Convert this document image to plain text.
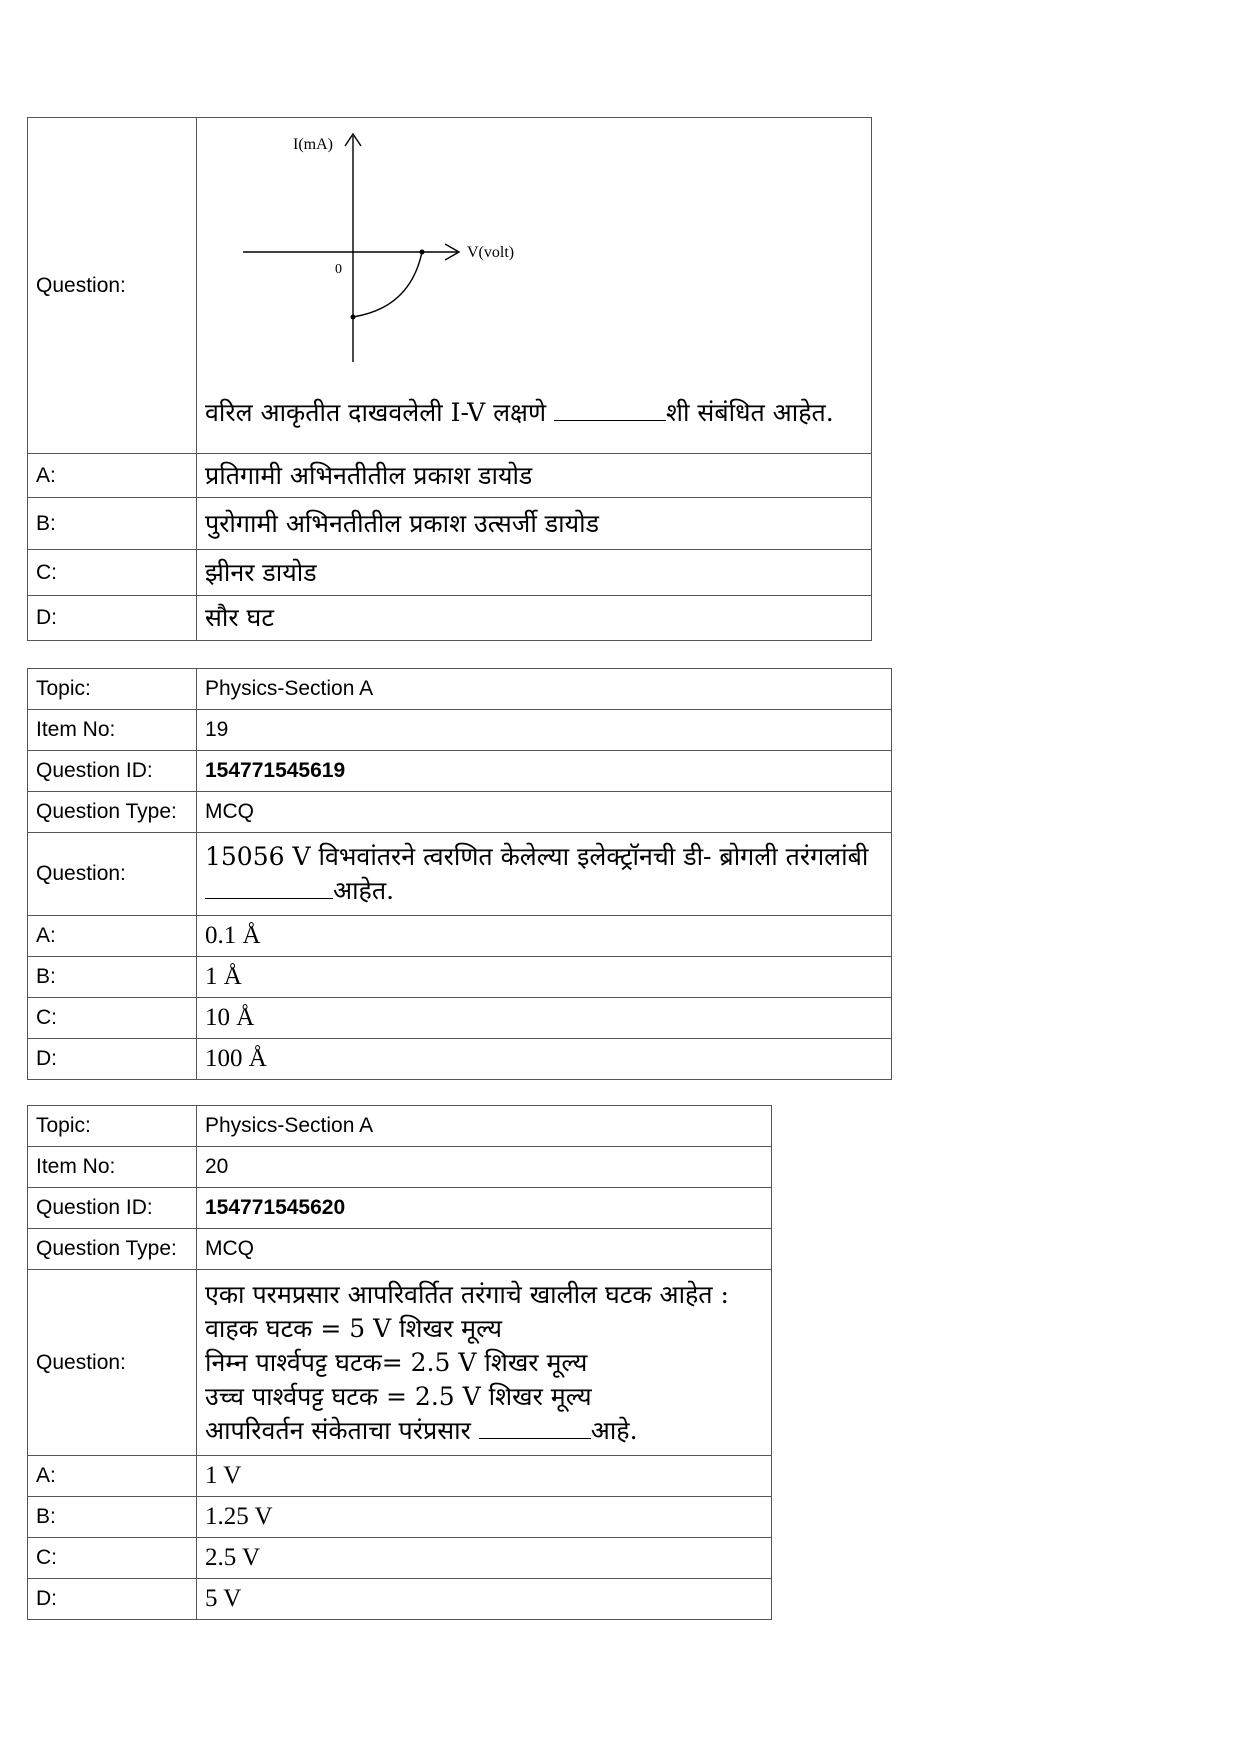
Question:	I(mA)
V(volt)
0
वरिल आकृतीत दाखवलेली I-V लक्षणे शी संबंधित आहेत.

A:	प्रतिगामी अभिनतीतील प्रकाश डायोड
B:	पुरोगामी अभिनतीतील प्रकाश उत्सर्जी डायोड
C:	झीनर डायोड
D:	सौर घट
Topic:	Physics-Section A
Item No:	19
Question ID:	154771545619
Question Type:	MCQ
Question:	15056 V विभवांतरने त्वरणित केलेल्या इलेक्ट्रॉनची डी- ब्रोगली तरंगलांबी
आहेत.

A:	0.1 Å
B:	1 Å
C:	10 Å
D:	100 Å
Topic:	Physics-Section A
Item No:	20
Question ID:	154771545620
Question Type:	MCQ
Question:	एका परमप्रसार आपरिवर्तित तरंगाचे खालील घटक आहेत :
वाहक घटक = 5 V शिखर मूल्य
निम्न पार्श्वपट्ट घटक= 2.5 V शिखर मूल्य
उच्च पार्श्वपट्ट घटक = 2.5 V शिखर मूल्य
आपरिवर्तन संकेताचा परंप्रसार आहे.

A:	1 V
B:	1.25 V
C:	2.5 V
D:	5 V
